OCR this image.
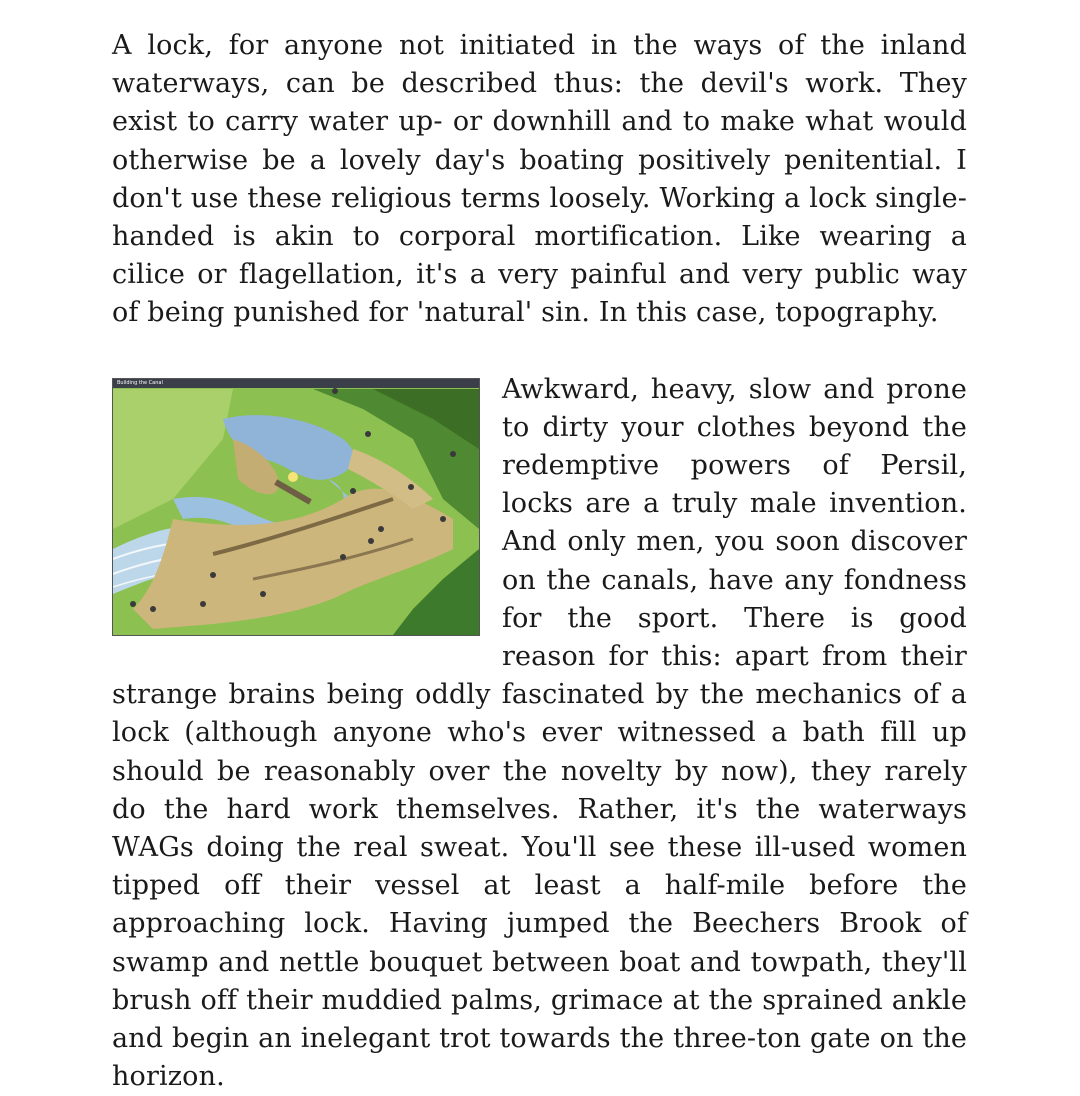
A lock, for anyone not initiated in the ways of the inland waterways, can be described thus: the devil's work. They exist to carry water up- or downhill and to make what would otherwise be a lovely day's boating positively penitential. I don't use these religious terms loosely. Working a lock single-handed is akin to corporal mortification. Like wearing a cilice or flagellation, it's a very painful and very public way of being punished for 'natural' sin. In this case, topography.

Building the Canal	Awkward, heavy, slow and prone to dirty your clothes beyond the redemptive powers of Persil, locks are a truly male invention. And only men, you soon discover on the canals, have any fondness for the sport. There is good reason for this: apart from their strange brains being oddly fascinated by the mechanics of a lock (although anyone who's ever witnessed a bath fill up should be reasonably over the novelty by now), they rarely do the hard work themselves. Rather, it's the waterways WAGs doing the real sweat. You'll see these ill-used women tipped off their vessel at least a half-mile before the approaching lock. Having jumped the Beechers Brook of swamp and nettle bouquet between boat and towpath, they'll brush off their muddied palms, grimace at the sprained ankle and begin an inelegant trot towards the three-ton gate on the horizon.
